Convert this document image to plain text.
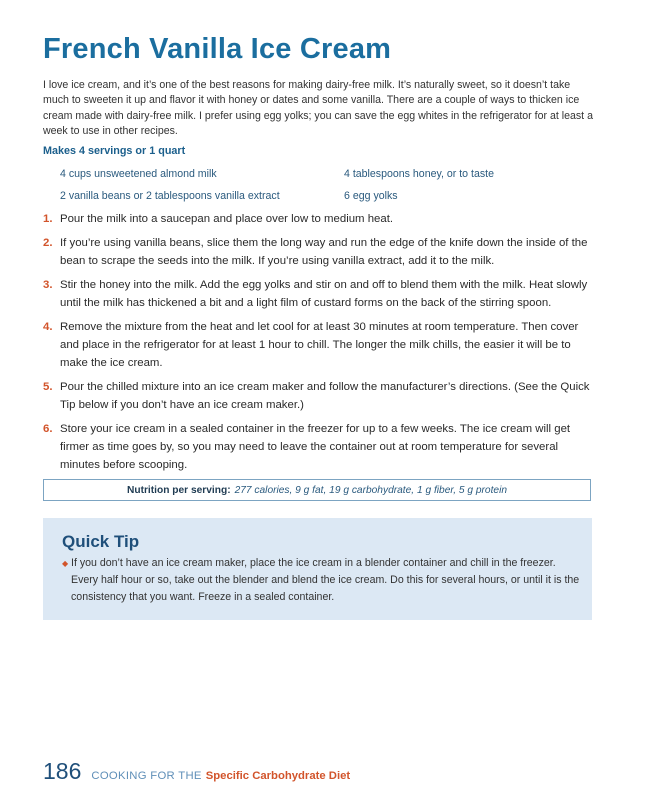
French Vanilla Ice Cream

I love ice cream, and it’s one of the best reasons for making dairy-free milk. It’s naturally sweet, so it doesn’t take much to sweeten it up and flavor it with honey or dates and some vanilla. There are a couple of ways to thicken ice cream made with dairy-free milk. I prefer using egg yolks; you can save the egg whites in the refrigerator for at least a week to use in other recipes.

Makes 4 servings or 1 quart
4 cups unsweetened almond milk	4 tablespoons honey, or to taste
2 vanilla beans or 2 tablespoons vanilla extract	6 egg yolks
1. Pour the milk into a saucepan and place over low to medium heat.
2. If you’re using vanilla beans, slice them the long way and run the edge of the knife down the inside of the bean to scrape the seeds into the milk. If you’re using vanilla extract, add it to the milk.
3. Stir the honey into the milk. Add the egg yolks and stir on and off to blend them with the milk. Heat slowly until the milk has thickened a bit and a light film of custard forms on the back of the stirring spoon.
4. Remove the mixture from the heat and let cool for at least 30 minutes at room temperature. Then cover and place in the refrigerator for at least 1 hour to chill. The longer the milk chills, the easier it will be to make the ice cream.
5. Pour the chilled mixture into an ice cream maker and follow the manufacturer’s directions. (See the Quick Tip below if you don’t have an ice cream maker.)
6. Store your ice cream in a sealed container in the freezer for up to a few weeks. The ice cream will get firmer as time goes by, so you may need to leave the container out at room temperature for several minutes before scooping.
Nutrition per serving: 277 calories, 9 g fat, 19 g carbohydrate, 1 g fiber, 5 g protein
Quick Tip
◆ If you don’t have an ice cream maker, place the ice cream in a blender container and chill in the freezer. Every half hour or so, take out the blender and blend the ice cream. Do this for several hours, or until it is the consistency that you want. Freeze in a sealed container.
186 COOKING FOR THE Specific Carbohydrate Diet
